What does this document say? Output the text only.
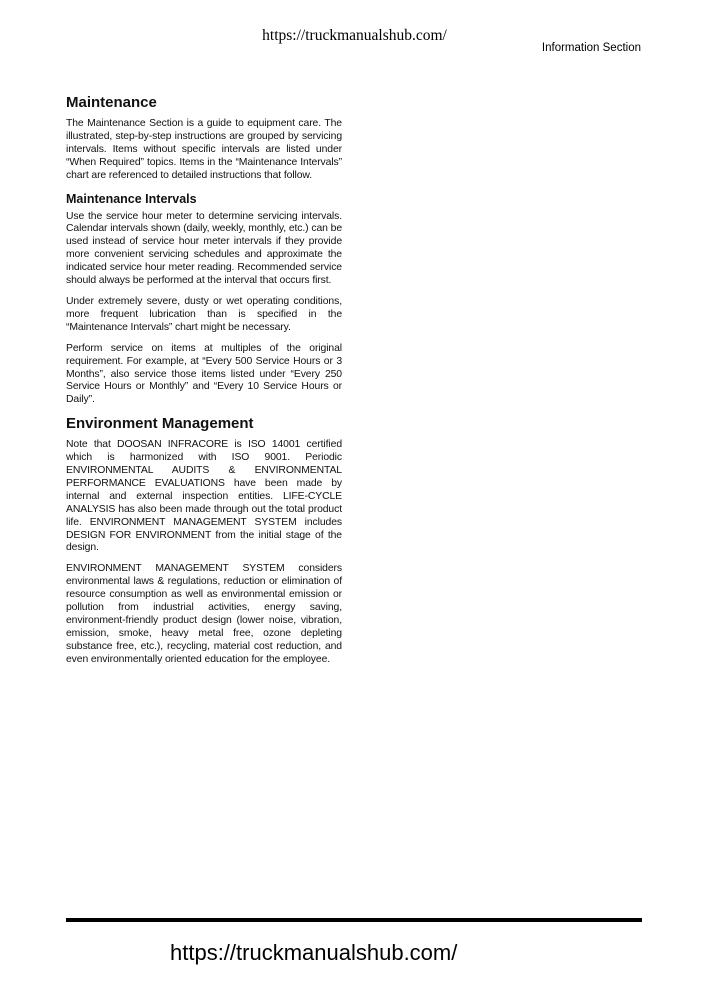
https://truckmanualshub.com/
Information Section
Maintenance

The Maintenance Section is a guide to equipment care. The illustrated, step-by-step instructions are grouped by servicing intervals. Items without specific intervals are listed under “When Required” topics. Items in the “Maintenance Intervals” chart are referenced to detailed instructions that follow.

Maintenance Intervals

Use the service hour meter to determine servicing intervals. Calendar intervals shown (daily, weekly, monthly, etc.) can be used instead of service hour meter intervals if they provide more convenient servicing schedules and approximate the indicated service hour meter reading. Recommended service should always be performed at the interval that occurs first.

Under extremely severe, dusty or wet operating conditions, more frequent lubrication than is specified in the “Maintenance Intervals” chart might be necessary.

Perform service on items at multiples of the original requirement. For example, at “Every 500 Service Hours or 3 Months”, also service those items listed under “Every 250 Service Hours or Monthly” and “Every 10 Service Hours or Daily”.

Environment Management

Note that DOOSAN INFRACORE is ISO 14001 certified which is harmonized with ISO 9001. Periodic ENVIRONMENTAL AUDITS & ENVIRONMENTAL PERFORMANCE EVALUATIONS have been made by internal and external inspection entities. LIFE-CYCLE ANALYSIS has also been made through out the total product life. ENVIRONMENT MANAGEMENT SYSTEM includes DESIGN FOR ENVIRONMENT from the initial stage of the design.

ENVIRONMENT MANAGEMENT SYSTEM considers environmental laws & regulations, reduction or elimination of resource consumption as well as environmental emission or pollution from industrial activities, energy saving, environment-friendly product design (lower noise, vibration, emission, smoke, heavy metal free, ozone depleting substance free, etc.), recycling, material cost reduction, and even environmentally oriented education for the employee.

https://truckmanualshub.com/
